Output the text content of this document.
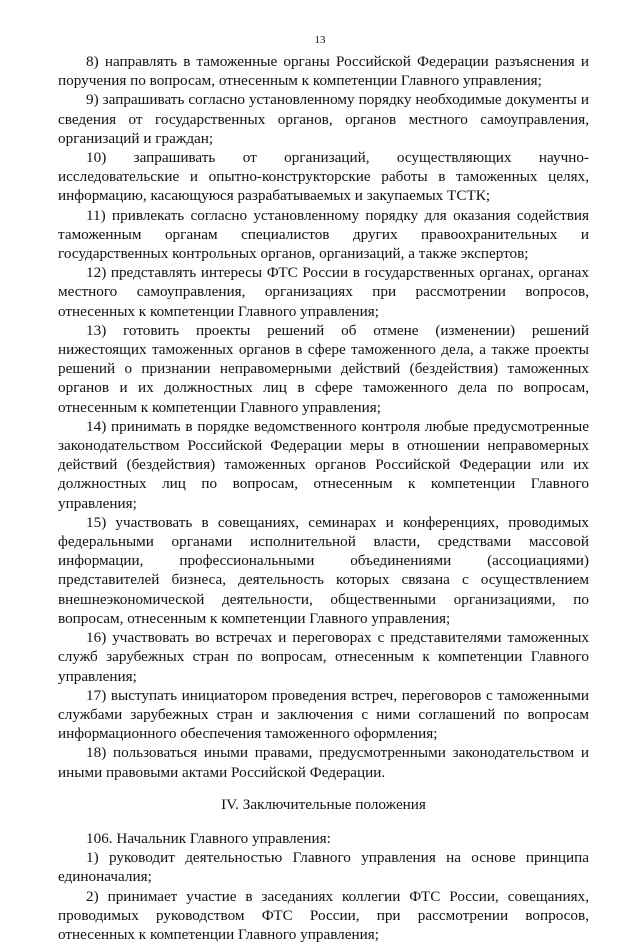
13

8) направлять в таможенные органы Российской Федерации разъяснения и поручения по вопросам, отнесенным к компетенции Главного управления;

9) запрашивать согласно установленному порядку необходимые документы и сведения от государственных органов, органов местного самоуправления, организаций и граждан;

10) запрашивать от организаций, осуществляющих научно-исследовательские и опытно-конструкторские работы в таможенных целях, информацию, касающуюся разрабатываемых и закупаемых ТСТК;

11) привлекать согласно установленному порядку для оказания содействия таможенным органам специалистов других правоохранительных и государственных контрольных органов, организаций, а также экспертов;

12) представлять интересы ФТС России в государственных органах, органах местного самоуправления, организациях при рассмотрении вопросов, отнесенных к компетенции Главного управления;

13) готовить проекты решений об отмене (изменении) решений нижестоящих таможенных органов в сфере таможенного дела, а также проекты решений о признании неправомерными действий (бездействия) таможенных органов и их должностных лиц в сфере таможенного дела по вопросам, отнесенным к компетенции Главного управления;

14) принимать в порядке ведомственного контроля любые предусмотренные законодательством Российской Федерации меры в отношении неправомерных действий (бездействия) таможенных органов Российской Федерации или их должностных лиц по вопросам, отнесенным к компетенции Главного управления;

15) участвовать в совещаниях, семинарах и конференциях, проводимых федеральными органами исполнительной власти, средствами массовой информации, профессиональными объединениями (ассоциациями) представителей бизнеса, деятельность которых связана с осуществлением внешнеэкономической деятельности, общественными организациями, по вопросам, отнесенным к компетенции Главного управления;

16) участвовать во встречах и переговорах с представителями таможенных служб зарубежных стран по вопросам, отнесенным к компетенции Главного управления;

17) выступать инициатором проведения встреч, переговоров с таможенными службами зарубежных стран и заключения с ними соглашений по вопросам информационного обеспечения таможенного оформления;

18) пользоваться иными правами, предусмотренными законодательством и иными правовыми актами Российской Федерации.

IV. Заключительные положения

106. Начальник Главного управления:

1) руководит деятельностью Главного управления на основе принципа единоначалия;

2) принимает участие в заседаниях коллегии ФТС России, совещаниях, проводимых руководством ФТС России, при рассмотрении вопросов, отнесенных к компетенции Главного управления;
